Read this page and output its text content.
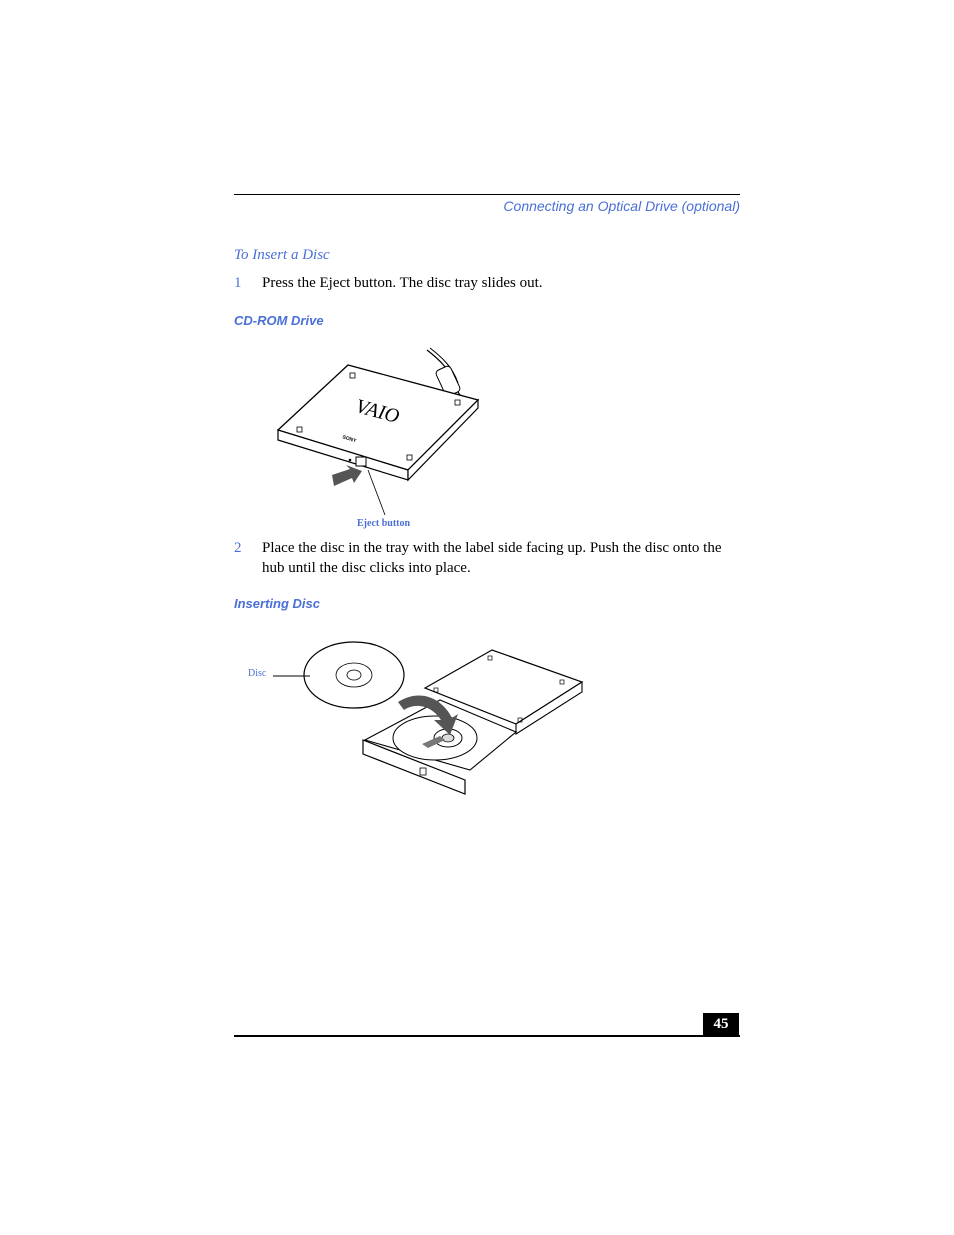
Connecting an Optical Drive (optional)
To Insert a Disc
1 Press the Eject button. The disc tray slides out.
CD-ROM Drive
VAIO
SONY
Eject button
2 Place the disc in the tray with the label side facing up. Push the disc onto the hub until the disc clicks into place.
Inserting Disc
Disc
45
